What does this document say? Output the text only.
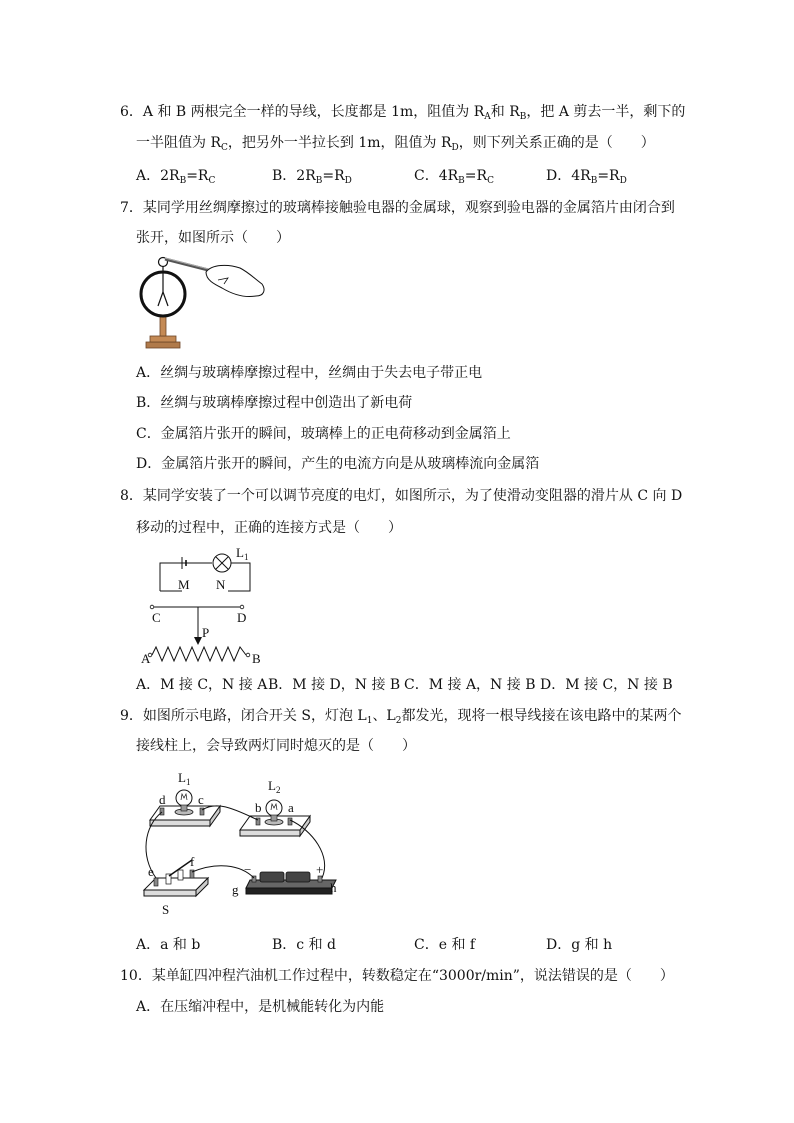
6．A 和 B 两根完全一样的导线，长度都是 1m，阻值为 $R_A$和 $R_B$，把 A 剪去一半，剩下的
一半阻值为 $R_C$，把另外一半拉长到 1m，阻值为 $R_D$，则下列关系正确的是（　　）
A．$2R_B=R_C$	B．$2R_B=R_D$	C．$4R_B=R_C$	D．$4R_B=R_D$
7．某同学用丝绸摩擦过的玻璃棒接触验电器的金属球，观察到验电器的金属箔片由闭合到
张开，如图所示（　　）
A．丝绸与玻璃棒摩擦过程中，丝绸由于失去电子带正电
B．丝绸与玻璃棒摩擦过程中创造出了新电荷
C．金属箔片张开的瞬间，玻璃棒上的正电荷移动到金属箔上
D．金属箔片张开的瞬间，产生的电流方向是从玻璃棒流向金属箔
8．某同学安装了一个可以调节亮度的电灯，如图所示，为了使滑动变阻器的滑片从 C 向 D
移动的过程中，正确的连接方式是（　　）
$L_1$
M N
C	D
P
A	B
A．M 接 C，N 接 A B．M 接 D，N 接 B C．M 接 A，N 接 B D．M 接 C，N 接 B
9．如图所示电路，闭合开关 S，灯泡 $L_1$、$L_2$都发光，现将一根导线接在该电路中的某两个
接线柱上，会导致两灯同时熄灭的是（　　）
$L_1$
d	c
$L_2$
b a
e
f
S
−	+
g	h
A．a 和 b	B．c 和 d	C．e 和 f	D．g 和 h
10．某单缸四冲程汽油机工作过程中，转数稳定在“3000r/min”，说法错误的是（　　）
A．在压缩冲程中，是机械能转化为内能
